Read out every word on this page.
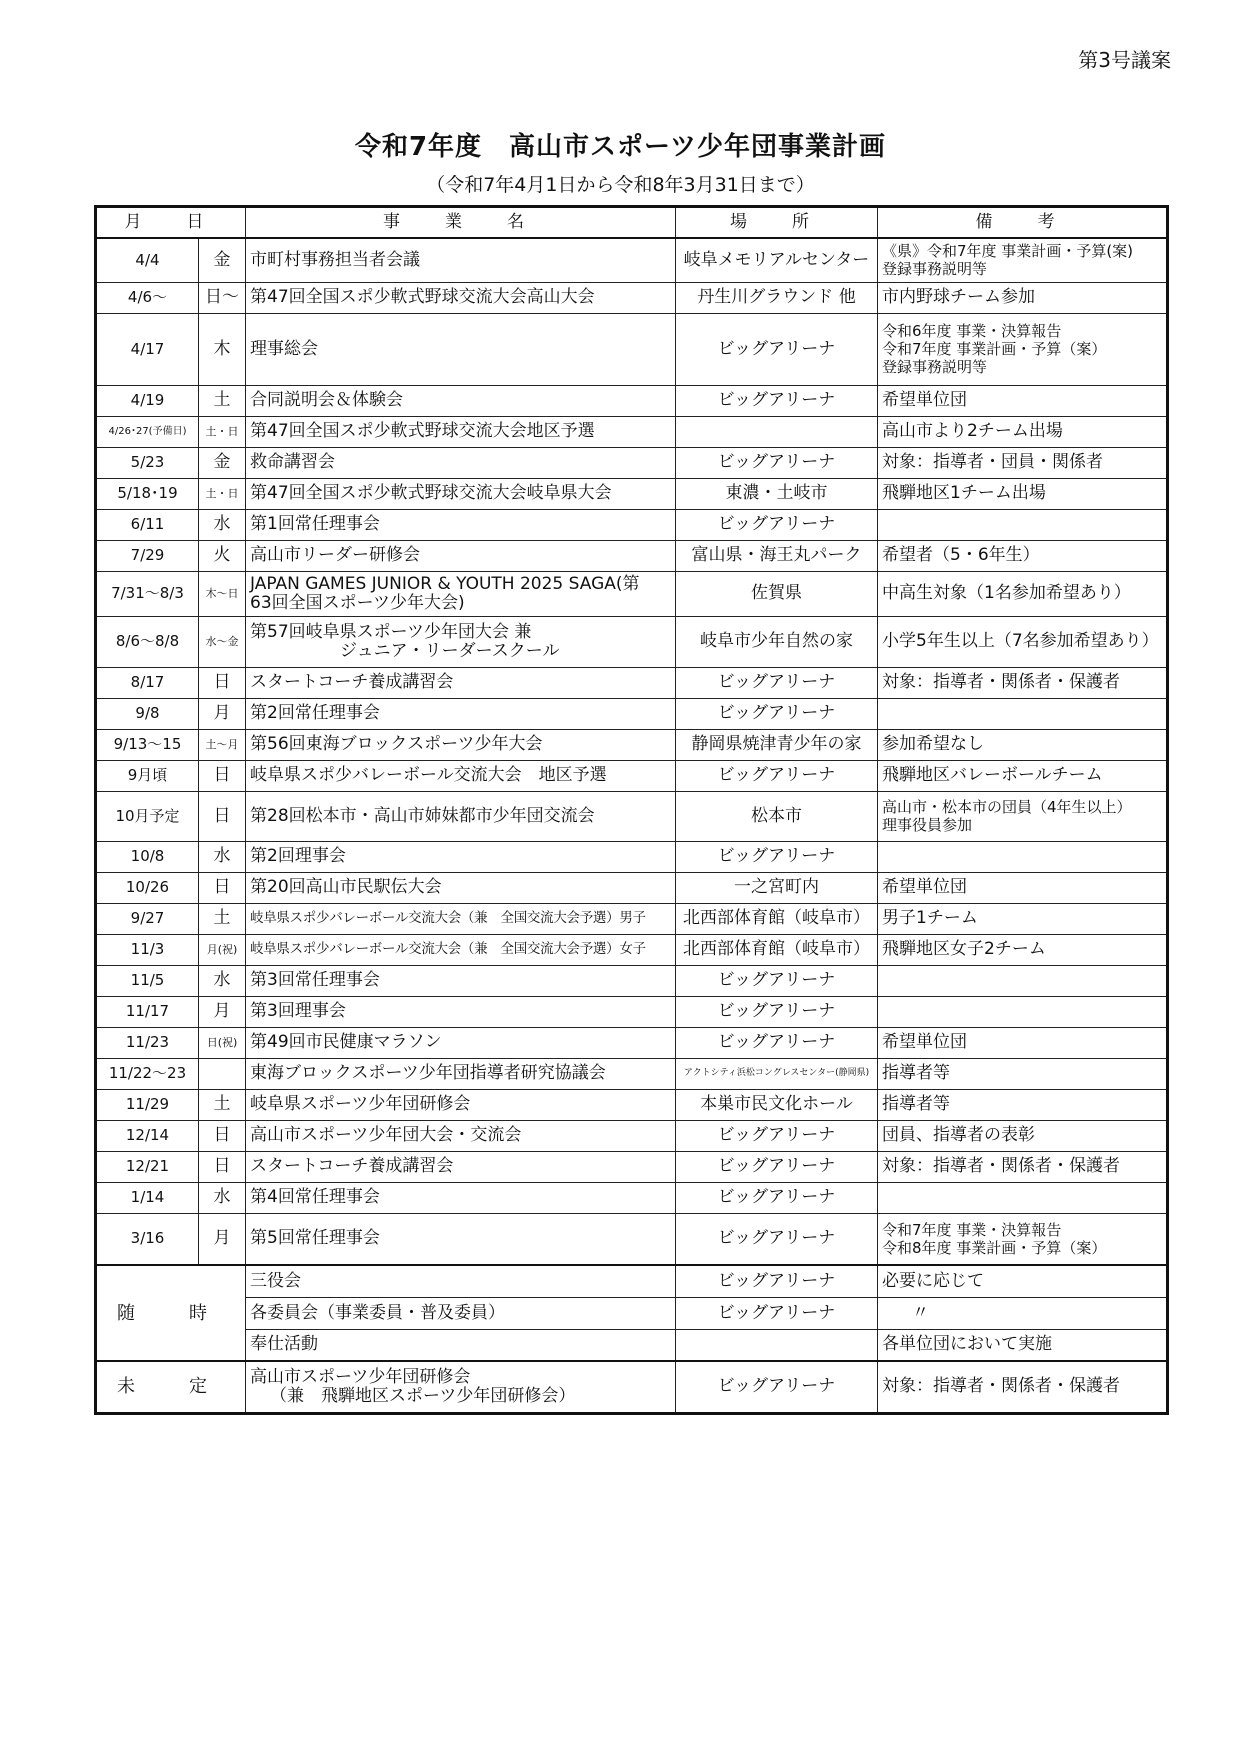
第3号議案
令和7年度　高山市スポーツ少年団事業計画
（令和7年4月1日から令和8年3月31日まで）
月　日		事　業　名	場　所	備　考
4/4	金	市町村事務担当者会議	岐阜メモリアルセンター	《県》令和7年度 事業計画・予算(案)
登録事務説明等

4/6～	日～	第47回全国スポ少軟式野球交流大会高山大会	丹生川グラウンド 他	市内野球チーム参加

4/17	木	理事総会	ビッグアリーナ	令和6年度 事業・決算報告
令和7年度 事業計画・予算（案）
登録事務説明等

4/19	土	合同説明会＆体験会	ビッグアリーナ	希望単位団

4/26･27(予備日)	土・日	第47回全国スポ少軟式野球交流大会地区予選		高山市より2チーム出場

5/23	金	救命講習会	ビッグアリーナ	対象：指導者・団員・関係者

5/18･19	土・日	第47回全国スポ少軟式野球交流大会岐阜県大会	東濃・土岐市	飛騨地区1チーム出場

6/11	水	第1回常任理事会	ビッグアリーナ	

7/29	火	高山市リーダー研修会	富山県・海王丸パーク	希望者（5・6年生）

7/31～8/3	木～日	JAPAN GAMES JUNIOR & YOUTH 2025 SAGA(第
63回全国スポーツ少年大会)	佐賀県	中高生対象（1名参加希望あり）

8/6～8/8	水～金	第57回岐阜県スポーツ少年団大会 兼
ジュニア・リーダースクール	岐阜市少年自然の家	小学5年生以上（7名参加希望あり）

8/17	日	スタートコーチ養成講習会	ビッグアリーナ	対象：指導者・関係者・保護者

9/8	月	第2回常任理事会	ビッグアリーナ	

9/13～15	土～月	第56回東海ブロックスポーツ少年大会	静岡県焼津青少年の家	参加希望なし

9月頃	日	岐阜県スポ少バレーボール交流大会　地区予選	ビッグアリーナ	飛騨地区バレーボールチーム

10月予定	日	第28回松本市・高山市姉妹都市少年団交流会	松本市	高山市・松本市の団員（4年生以上）
理事役員参加

10/8	水	第2回理事会	ビッグアリーナ	

10/26	日	第20回高山市民駅伝大会	一之宮町内	希望単位団

9/27	土	岐阜県スポ少バレーボール交流大会（兼　全国交流大会予選）男子	北西部体育館（岐阜市）	男子1チーム

11/3	月(祝)	岐阜県スポ少バレーボール交流大会（兼　全国交流大会予選）女子	北西部体育館（岐阜市）	飛騨地区女子2チーム

11/5	水	第3回常任理事会	ビッグアリーナ	

11/17	月	第3回理事会	ビッグアリーナ	

11/23	日(祝)	第49回市民健康マラソン	ビッグアリーナ	希望単位団

11/22～23		東海ブロックスポーツ少年団指導者研究協議会	アクトシティ浜松コングレスセンター(静岡県)	指導者等

11/29	土	岐阜県スポーツ少年団研修会	本巣市民文化ホール	指導者等

12/14	日	高山市スポーツ少年団大会・交流会	ビッグアリーナ	団員、指導者の表彰

12/21	日	スタートコーチ養成講習会	ビッグアリーナ	対象：指導者・関係者・保護者

1/14	水	第4回常任理事会	ビッグアリーナ	

3/16	月	第5回常任理事会	ビッグアリーナ	令和7年度 事業・決算報告
令和8年度 事業計画・予算（案）

随　時		三役会	ビッグアリーナ	必要に応じて
		各委員会（事業委員・普及委員）	ビッグアリーナ	〃
		奉仕活動		各単位団において実施
未　定		高山市スポーツ少年団研修会
（兼　飛騨地区スポーツ少年団研修会）	ビッグアリーナ	対象：指導者・関係者・保護者
